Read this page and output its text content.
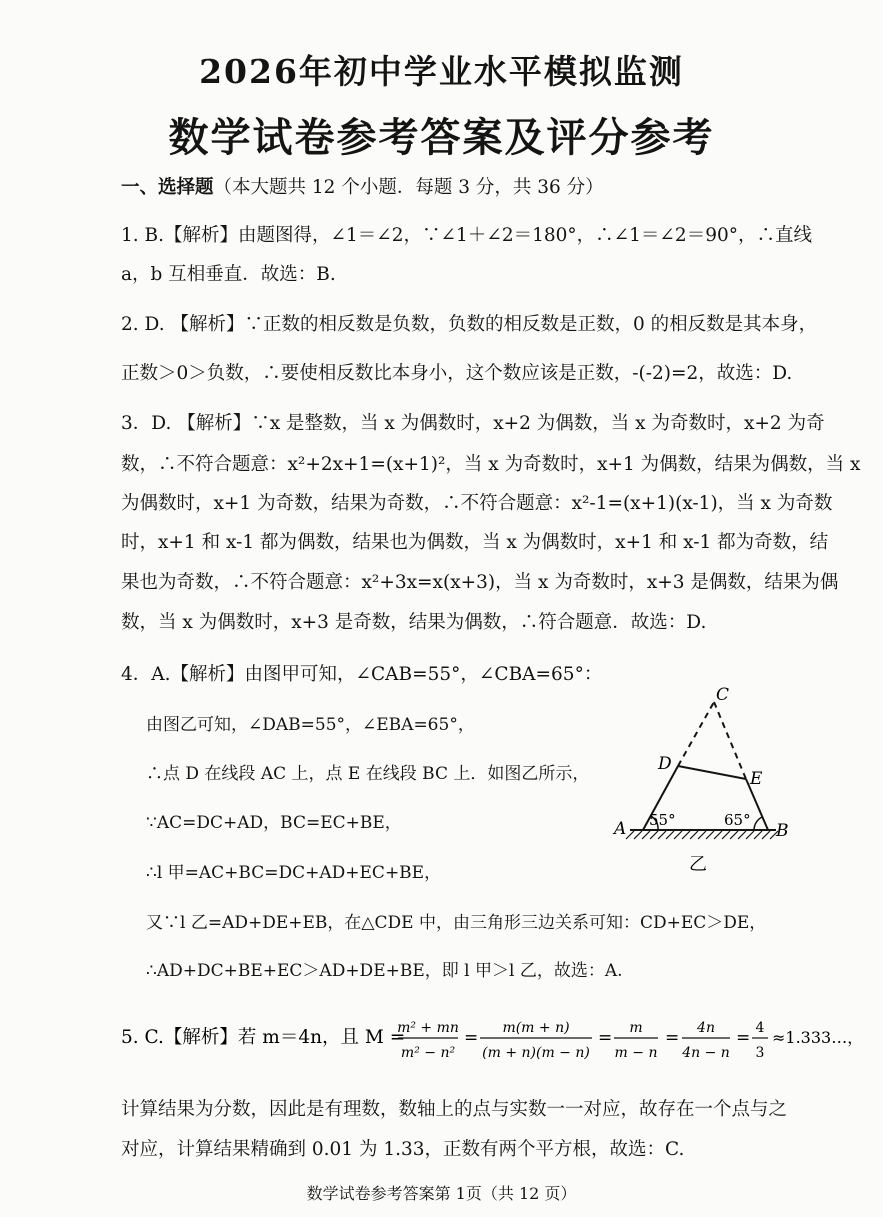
2026年初中学业水平模拟监测
数学试卷参考答案及评分参考
一、选择题（本大题共 12 个小题．每题 3 分，共 36 分）
1. B.【解析】由题图得，∠1＝∠2，∵∠1＋∠2＝180°，∴∠1＝∠2＝90°，∴直线
a，b 互相垂直．故选：B.
2. D. 【解析】∵正数的相反数是负数，负数的相反数是正数，0 的相反数是其本身，
正数＞0＞负数，∴要使相反数比本身小，这个数应该是正数，-(-2)=2，故选：D.
3．D. 【解析】∵x 是整数，当 x 为偶数时，x+2 为偶数，当 x 为奇数时，x+2 为奇
数，∴不符合题意：x²+2x+1=(x+1)²，当 x 为奇数时，x+1 为偶数，结果为偶数，当 x
为偶数时，x+1 为奇数，结果为奇数，∴不符合题意：x²-1=(x+1)(x-1)，当 x 为奇数
时，x+1 和 x-1 都为偶数，结果也为偶数，当 x 为偶数时，x+1 和 x-1 都为奇数，结
果也为奇数，∴不符合题意：x²+3x=x(x+3)，当 x 为奇数时，x+3 是偶数，结果为偶
数，当 x 为偶数时，x+3 是奇数，结果为偶数，∴符合题意．故选：D.
4．A.【解析】由图甲可知，∠CAB=55°，∠CBA=65°：
由图乙可知，∠DAB=55°，∠EBA=65°，
∴点 D 在线段 AC 上，点 E 在线段 BC 上．如图乙所示，
∵AC=DC+AD，BC=EC+BE，
∴l 甲=AC+BC=DC+AD+EC+BE，
又∵l 乙=AD+DE+EB，在△CDE 中，由三角形三边关系可知：CD+EC＞DE，
∴AD+DC+BE+EC＞AD+DE+BE，即 l 甲＞l 乙，故选：A.
A	B
C
D
E
55°	65°
乙
5. C.【解析】若 m＝4n，且 M =
m² + mn
m² − n²
= m(m + n)
(m + n)(m − n)
= m
m − n
= 4n
4n − n
= 4
3
≈1.333…，
计算结果为分数，因此是有理数，数轴上的点与实数一一对应，故存在一个点与之
对应，计算结果精确到 0.01 为 1.33，正数有两个平方根，故选：C.
数学试卷参考答案第 1页（共 12 页）
